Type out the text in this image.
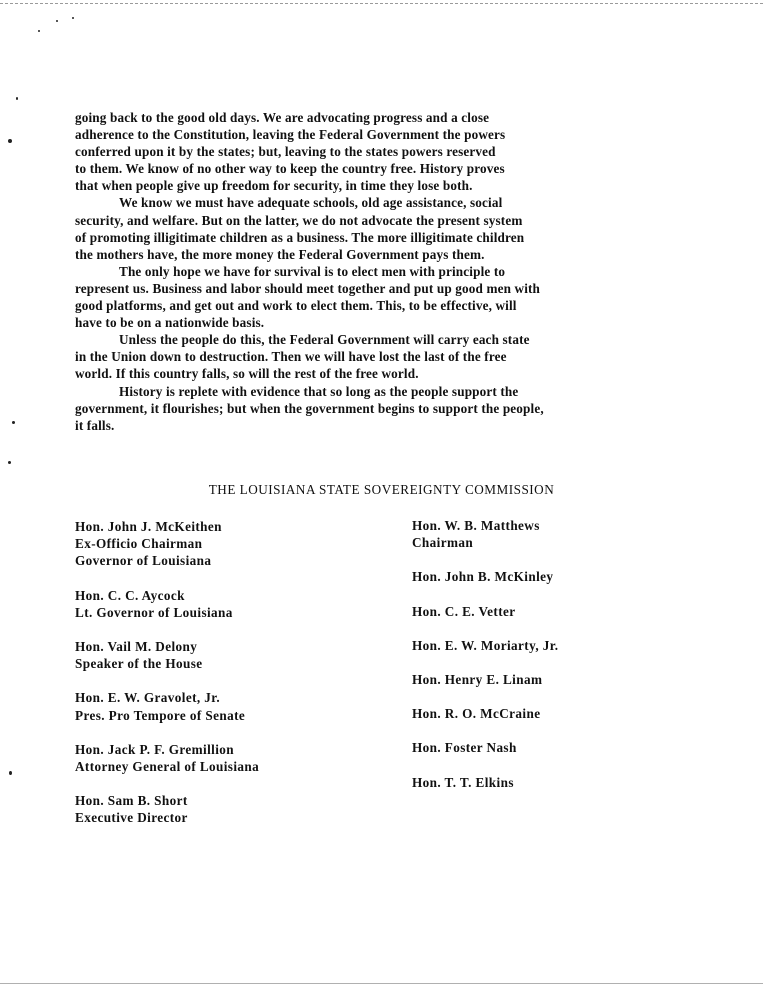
going back to the good old days. We are advocating progress and a close
adherence to the Constitution, leaving the Federal Government the powers
conferred upon it by the states; but, leaving to the states powers reserved
to them. We know of no other way to keep the country free. History proves
that when people give up freedom for security, in time they lose both.
We know we must have adequate schools, old age assistance, social
security, and welfare. But on the latter, we do not advocate the present system
of promoting illigitimate children as a business. The more illigitimate children
the mothers have, the more money the Federal Government pays them.
The only hope we have for survival is to elect men with principle to
represent us. Business and labor should meet together and put up good men with
good platforms, and get out and work to elect them. This, to be effective, will
have to be on a nationwide basis.
Unless the people do this, the Federal Government will carry each state
in the Union down to destruction. Then we will have lost the last of the free
world. If this country falls, so will the rest of the free world.
History is replete with evidence that so long as the people support the
government, it flourishes; but when the government begins to support the people,
it falls.
THE LOUISIANA STATE SOVEREIGNTY COMMISSION
Hon. John J. McKeithen
Ex-Officio Chairman
Governor of Louisiana
Hon. C. C. Aycock
Lt. Governor of Louisiana
Hon. Vail M. Delony
Speaker of the House
Hon. E. W. Gravolet, Jr.
Pres. Pro Tempore of Senate
Hon. Jack P. F. Gremillion
Attorney General of Louisiana
Hon. Sam B. Short
Executive Director
Hon. W. B. Matthews
Chairman
Hon. John B. McKinley
Hon. C. E. Vetter
Hon. E. W. Moriarty, Jr.
Hon. Henry E. Linam
Hon. R. O. McCraine
Hon. Foster Nash
Hon. T. T. Elkins
